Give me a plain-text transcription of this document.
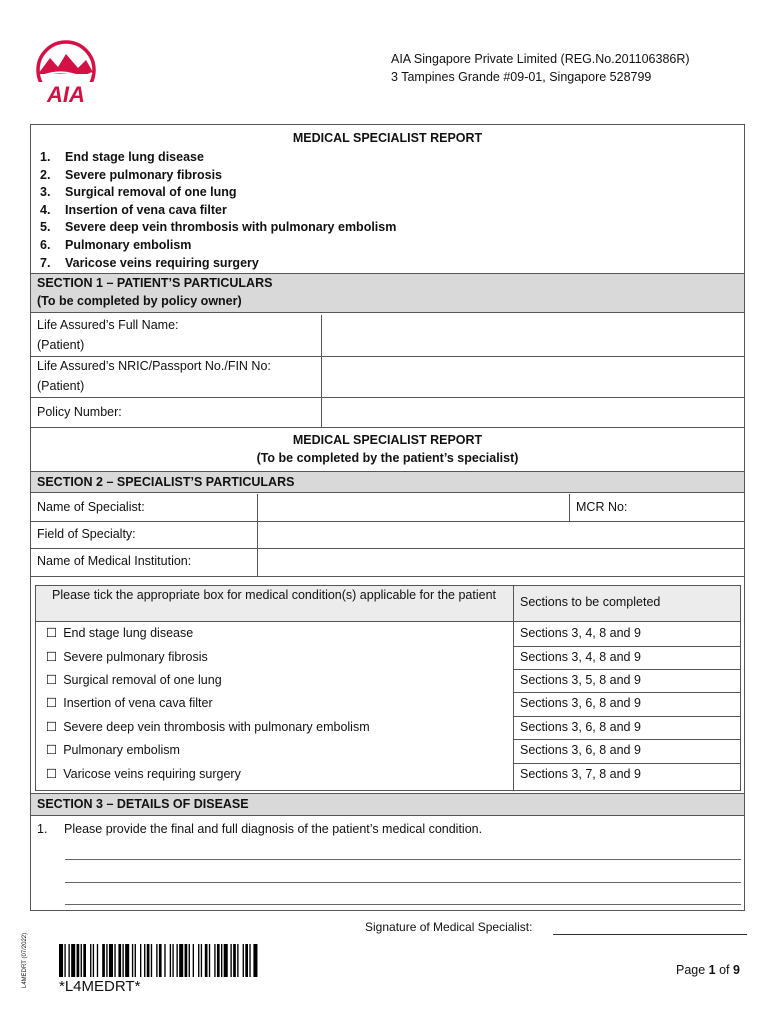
AIA
AIA Singapore Private Limited (REG.No.201106386R)
3 Tampines Grande #09-01, Singapore 528799
MEDICAL SPECIALIST REPORT
1. End stage lung disease
2. Severe pulmonary fibrosis
3. Surgical removal of one lung
4. Insertion of vena cava filter
5. Severe deep vein thrombosis with pulmonary embolism
6. Pulmonary embolism
7. Varicose veins requiring surgery
SECTION 1 – PATIENT’S PARTICULARS
(To be completed by policy owner)
Life Assured’s Full Name:
(Patient)
Life Assured’s NRIC/Passport No./FIN No:
(Patient)
Policy Number:
MEDICAL SPECIALIST REPORT
(To be completed by the patient’s specialist)
SECTION 2 – SPECIALIST’S PARTICULARS
Name of Specialist:	MCR No:
Field of Specialty:
Name of Medical Institution:
Please tick the appropriate box for medical condition(s) applicable for the patient	Sections to be completed
☐ End stage lung disease	Sections 3, 4, 8 and 9
☐ Severe pulmonary fibrosis	Sections 3, 4, 8 and 9
☐ Surgical removal of one lung	Sections 3, 5, 8 and 9
☐ Insertion of vena cava filter	Sections 3, 6, 8 and 9
☐ Severe deep vein thrombosis with pulmonary embolism	Sections 3, 6, 8 and 9
☐ Pulmonary embolism	Sections 3, 6, 8 and 9
☐ Varicose veins requiring surgery	Sections 3, 7, 8 and 9
SECTION 3 – DETAILS OF DISEASE
1. Please provide the final and full diagnosis of the patient’s medical condition.
Signature of Medical Specialist:
*L4MEDRT*
L4MEDRT (07/2022)	Page 1 of 9
